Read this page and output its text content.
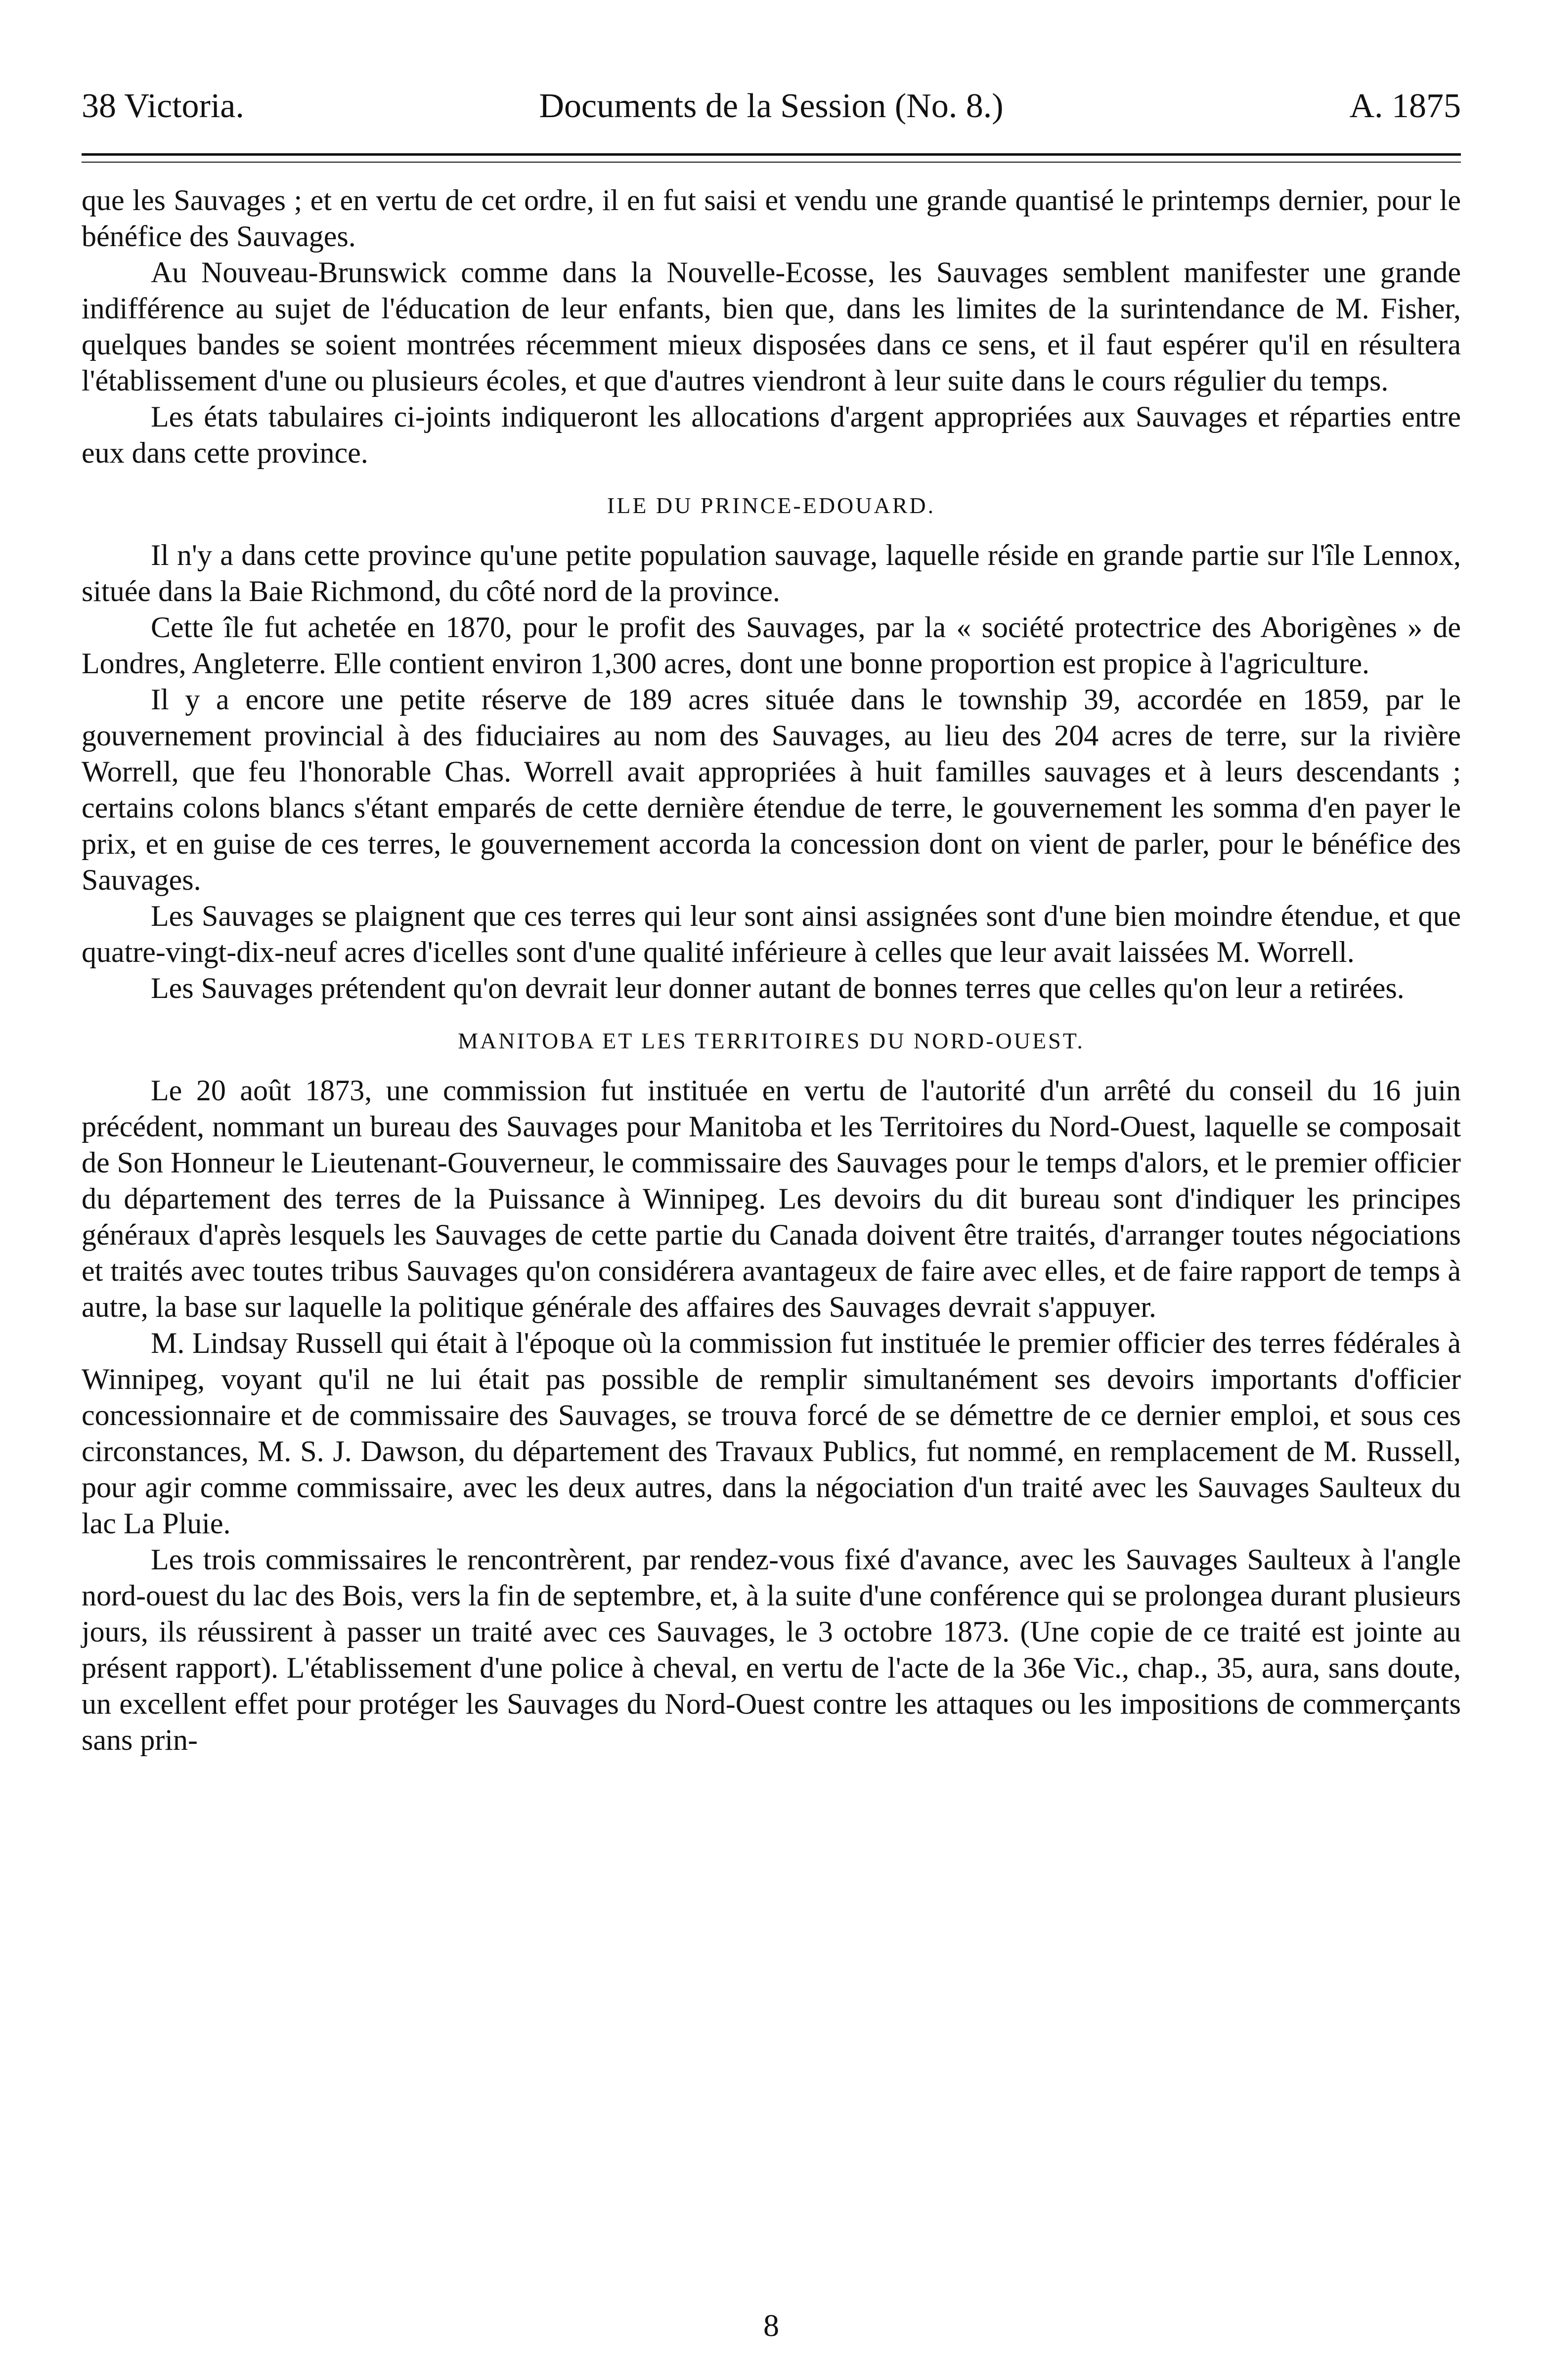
38 Victoria.	Documents de la Session (No. 8.)	A. 1875

que les Sauvages ; et en vertu de cet ordre, il en fut saisi et vendu une grande quantisé le printemps dernier, pour le bénéfice des Sauvages.

Au Nouveau-Brunswick comme dans la Nouvelle-Ecosse, les Sauvages semblent manifester une grande indifférence au sujet de l'éducation de leur enfants, bien que, dans les limites de la surintendance de M. Fisher, quelques bandes se soient montrées récemment mieux disposées dans ce sens, et il faut espérer qu'il en résultera l'établissement d'une ou plusieurs écoles, et que d'autres viendront à leur suite dans le cours régulier du temps.

Les états tabulaires ci-joints indiqueront les allocations d'argent appropriées aux Sauvages et réparties entre eux dans cette province.

ILE DU PRINCE-EDOUARD.

Il n'y a dans cette province qu'une petite population sauvage, laquelle réside en grande partie sur l'île Lennox, située dans la Baie Richmond, du côté nord de la province.

Cette île fut achetée en 1870, pour le profit des Sauvages, par la « société protectrice des Aborigènes » de Londres, Angleterre. Elle contient environ 1,300 acres, dont une bonne proportion est propice à l'agriculture.

Il y a encore une petite réserve de 189 acres située dans le township 39, accordée en 1859, par le gouvernement provincial à des fiduciaires au nom des Sauvages, au lieu des 204 acres de terre, sur la rivière Worrell, que feu l'honorable Chas. Worrell avait appropriées à huit familles sauvages et à leurs descendants ; certains colons blancs s'étant emparés de cette dernière étendue de terre, le gouvernement les somma d'en payer le prix, et en guise de ces terres, le gouvernement accorda la concession dont on vient de parler, pour le bénéfice des Sauvages.

Les Sauvages se plaignent que ces terres qui leur sont ainsi assignées sont d'une bien moindre étendue, et que quatre-vingt-dix-neuf acres d'icelles sont d'une qualité inférieure à celles que leur avait laissées M. Worrell.

Les Sauvages prétendent qu'on devrait leur donner autant de bonnes terres que celles qu'on leur a retirées.

MANITOBA ET LES TERRITOIRES DU NORD-OUEST.

Le 20 août 1873, une commission fut instituée en vertu de l'autorité d'un arrêté du conseil du 16 juin précédent, nommant un bureau des Sauvages pour Manitoba et les Territoires du Nord-Ouest, laquelle se composait de Son Honneur le Lieutenant-Gouverneur, le commissaire des Sauvages pour le temps d'alors, et le premier officier du département des terres de la Puissance à Winnipeg. Les devoirs du dit bureau sont d'indiquer les principes généraux d'après lesquels les Sauvages de cette partie du Canada doivent être traités, d'arranger toutes négociations et traités avec toutes tribus Sauvages qu'on considérera avantageux de faire avec elles, et de faire rapport de temps à autre, la base sur laquelle la politique générale des affaires des Sauvages devrait s'appuyer.

M. Lindsay Russell qui était à l'époque où la commission fut instituée le premier officier des terres fédérales à Winnipeg, voyant qu'il ne lui était pas possible de remplir simultanément ses devoirs importants d'officier concessionnaire et de commissaire des Sauvages, se trouva forcé de se démettre de ce dernier emploi, et sous ces circonstances, M. S. J. Dawson, du département des Travaux Publics, fut nommé, en remplacement de M. Russell, pour agir comme commissaire, avec les deux autres, dans la négociation d'un traité avec les Sauvages Saulteux du lac La Pluie.

Les trois commissaires le rencontrèrent, par rendez-vous fixé d'avance, avec les Sauvages Saulteux à l'angle nord-ouest du lac des Bois, vers la fin de septembre, et, à la suite d'une conférence qui se prolongea durant plusieurs jours, ils réussirent à passer un traité avec ces Sauvages, le 3 octobre 1873. (Une copie de ce traité est jointe au présent rapport). L'établissement d'une police à cheval, en vertu de l'acte de la 36e Vic., chap., 35, aura, sans doute, un excellent effet pour protéger les Sauvages du Nord-Ouest contre les attaques ou les impositions de commerçants sans prin-

8
